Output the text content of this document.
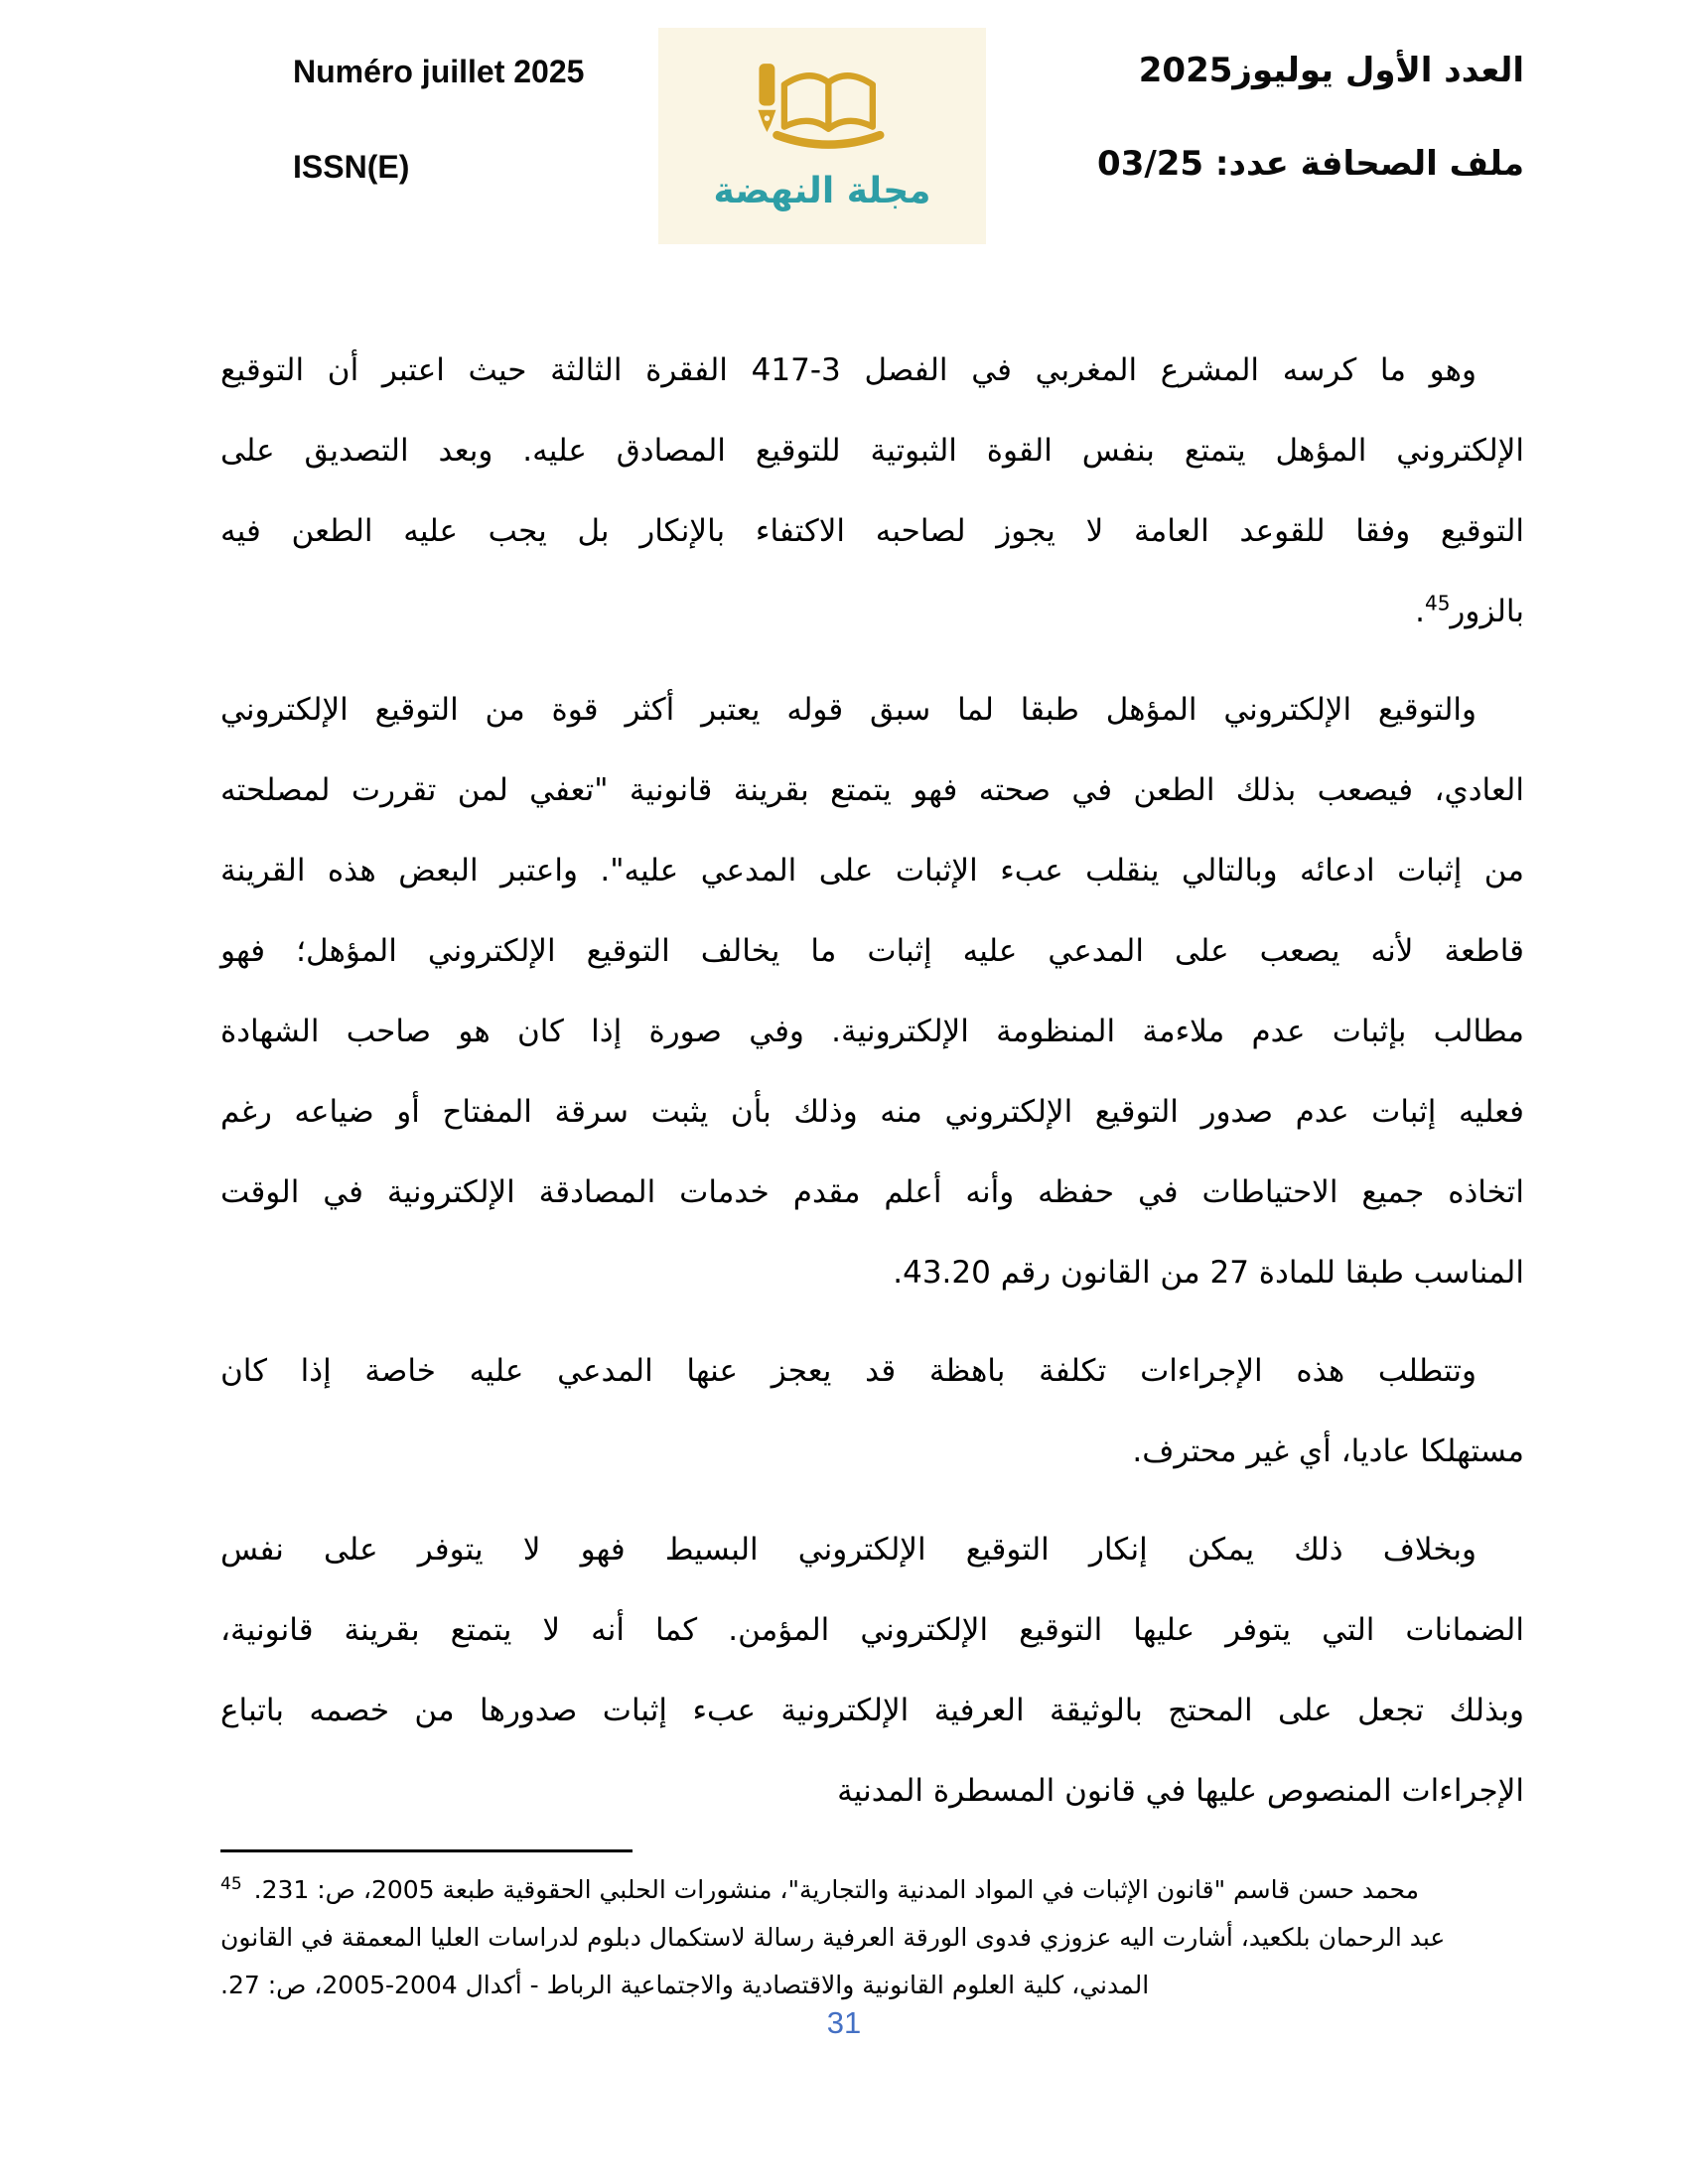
Numéro juillet 2025
ISSN(E)
مجلة النهضة
العدد الأول يوليوز2025
ملف الصحافة عدد: 03/25
وهو ما كرسه المشرع المغربي في الفصل 3-417 الفقرة الثالثة حيث اعتبر أن التوقيع
الإلكتروني المؤهل يتمتع بنفس القوة الثبوتية للتوقيع المصادق عليه. وبعد التصديق على
التوقيع وفقا للقوعد العامة لا يجوز لصاحبه الاكتفاء بالإنكار بل يجب عليه الطعن فيه
بالزور$^{45}$.
والتوقيع الإلكتروني المؤهل طبقا لما سبق قوله يعتبر أكثر قوة من التوقيع الإلكتروني
العادي، فيصعب بذلك الطعن في صحته فهو يتمتع بقرينة قانونية "تعفي لمن تقررت لمصلحته
من إثبات ادعائه وبالتالي ينقلب عبء الإثبات على المدعي عليه". واعتبر البعض هذه القرينة
قاطعة لأنه يصعب على المدعي عليه إثبات ما يخالف التوقيع الإلكتروني المؤهل؛ فهو
مطالب بإثبات عدم ملاءمة المنظومة الإلكترونية. وفي صورة إذا كان هو صاحب الشهادة
فعليه إثبات عدم صدور التوقيع الإلكتروني منه وذلك بأن يثبت سرقة المفتاح أو ضياعه رغم
اتخاذه جميع الاحتياطات في حفظه وأنه أعلم مقدم خدمات المصادقة الإلكترونية في الوقت
المناسب طبقا للمادة 27 من القانون رقم 43.20.
وتتطلب هذه الإجراءات تكلفة باهظة قد يعجز عنها المدعي عليه خاصة إذا كان
مستهلكا عاديا، أي غير محترف.
وبخلاف ذلك يمكن إنكار التوقيع الإلكتروني البسيط فهو لا يتوفر على نفس
الضمانات التي يتوفر عليها التوقيع الإلكتروني المؤمن. كما أنه لا يتمتع بقرينة قانونية،
وبذلك تجعل على المحتج بالوثيقة العرفية الإلكترونية عبء إثبات صدورها من خصمه باتباع
الإجراءات المنصوص عليها في قانون المسطرة المدنية
$^{45}$ محمد حسن قاسم "قانون الإثبات في المواد المدنية والتجارية"، منشورات الحلبي الحقوقية طبعة 2005، ص: 231.
عبد الرحمان بلكعيد، أشارت اليه عزوزي فدوى الورقة العرفية رسالة لاستكمال دبلوم لدراسات العليا المعمقة في القانون
المدني، كلية العلوم القانونية والاقتصادية والاجتماعية الرباط - أكدال 2004-2005، ص: 27.
31
